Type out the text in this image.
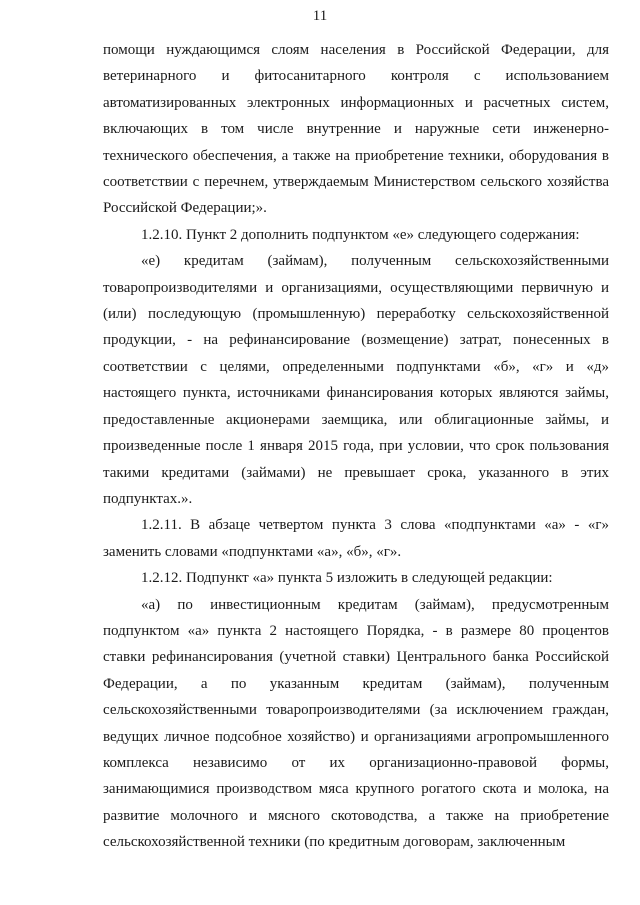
11

помощи нуждающимся слоям населения в Российской Федерации, для ветеринарного и фитосанитарного контроля с использованием автоматизированных электронных информационных и расчетных систем, включающих в том числе внутренние и наружные сети инженерно-технического обеспечения, а также на приобретение техники, оборудования в соответствии с перечнем, утверждаемым Министерством сельского хозяйства Российской Федерации;».

1.2.10. Пункт 2 дополнить подпунктом «е» следующего содержания:

«е) кредитам (займам), полученным сельскохозяйственными товаропроизводителями и организациями, осуществляющими первичную и (или) последующую (промышленную) переработку сельскохозяйственной продукции, - на рефинансирование (возмещение) затрат, понесенных в соответствии с целями, определенными подпунктами «б», «г» и «д» настоящего пункта, источниками финансирования которых являются займы, предоставленные акционерами заемщика, или облигационные займы, и произведенные после 1 января 2015 года, при условии, что срок пользования такими кредитами (займами) не превышает срока, указанного в этих подпунктах.».

1.2.11. В абзаце четвертом пункта 3 слова «подпунктами «а» - «г» заменить словами «подпунктами «а», «б», «г».

1.2.12. Подпункт «а» пункта 5 изложить в следующей редакции:

«а) по инвестиционным кредитам (займам), предусмотренным подпунктом «а» пункта 2 настоящего Порядка, - в размере 80 процентов ставки рефинансирования (учетной ставки) Центрального банка Российской Федерации, а по указанным кредитам (займам), полученным сельскохозяйственными товаропроизводителями (за исключением граждан, ведущих личное подсобное хозяйство) и организациями агропромышленного комплекса независимо от их организационно-правовой формы, занимающимися производством мяса крупного рогатого скота и молока, на развитие молочного и мясного скотоводства, а также на приобретение сельскохозяйственной техники (по кредитным договорам, заключенным
